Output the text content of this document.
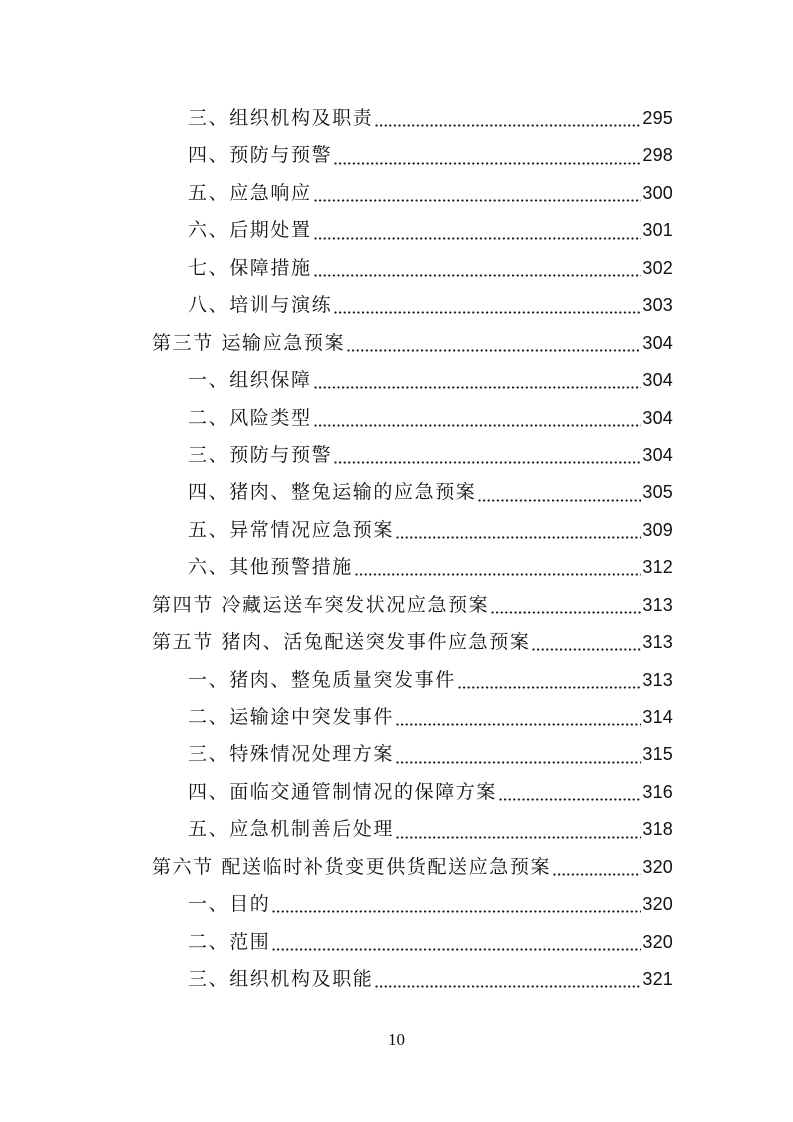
三、组织机构及职责	295
四、预防与预警	298
五、应急响应	300
六、后期处置	301
七、保障措施	302
八、培训与演练	303
第三节 运输应急预案	304
一、组织保障	304
二、风险类型	304
三、预防与预警	304
四、猪肉、整兔运输的应急预案	305
五、异常情况应急预案	309
六、其他预警措施	312
第四节 冷藏运送车突发状况应急预案	313
第五节 猪肉、活兔配送突发事件应急预案	313
一、猪肉、整兔质量突发事件	313
二、运输途中突发事件	314
三、特殊情况处理方案	315
四、面临交通管制情况的保障方案	316
五、应急机制善后处理	318
第六节 配送临时补货变更供货配送应急预案	320
一、目的	320
二、范围	320
三、组织机构及职能	321
10
